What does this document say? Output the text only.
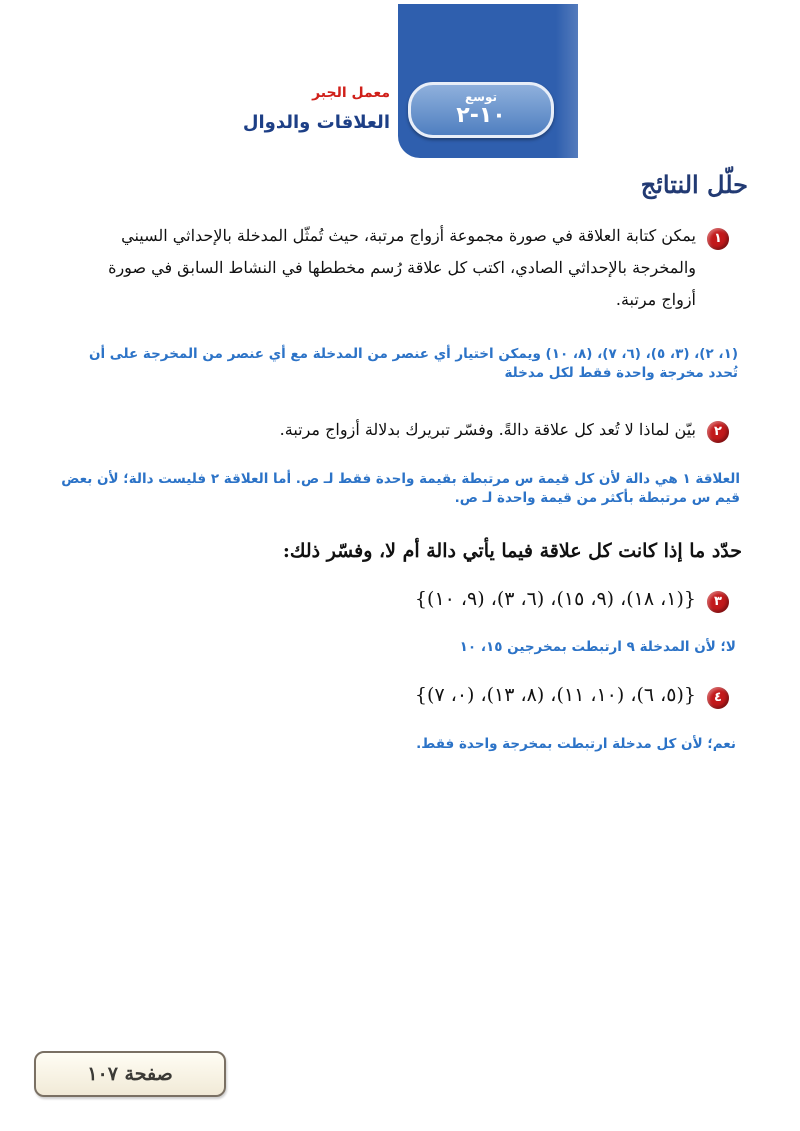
توسع
١٠-٢
معمل الجبر
العلاقات والدوال
حلّل النتائج
١
يمكن كتابة العلاقة في صورة مجموعة أزواج مرتبة، حيث تُمثّل المدخلة بالإحداثي السيني والمخرجة بالإحداثي الصادي، اكتب كل علاقة رُسم مخططها في النشاط السابق في صورة أزواج مرتبة.
(١، ٢)، (٣، ٥)، (٦، ٧)، (٨، ١٠) ويمكن اختيار أي عنصر من المدخلة مع أي عنصر من المخرجة على أن تُحدد مخرجة واحدة فقط لكل مدخلة
٢
بيّن لماذا لا تُعد كل علاقة دالةً. وفسّر تبريرك بدلالة أزواج مرتبة.
العلاقة ١ هي دالة لأن كل قيمة س مرتبطة بقيمة واحدة فقط لـ ص. أما العلاقة ٢ فليست دالة؛ لأن بعض قيم س مرتبطة بأكثر من قيمة واحدة لـ ص.
حدّد ما إذا كانت كل علاقة فيما يأتي دالة أم لا، وفسّر ذلك:
٣
{(١، ١٨)، (٩، ١٥)، (٦، ٣)، (٩، ١٠)}
لا؛ لأن المدخلة ٩ ارتبطت بمخرجين ١٥، ١٠
٤
{(٥، ٦)، (١٠، ١١)، (٨، ١٣)، (٠، ٧)}
نعم؛ لأن كل مدخلة ارتبطت بمخرجة واحدة فقط.
صفحة ١٠٧
